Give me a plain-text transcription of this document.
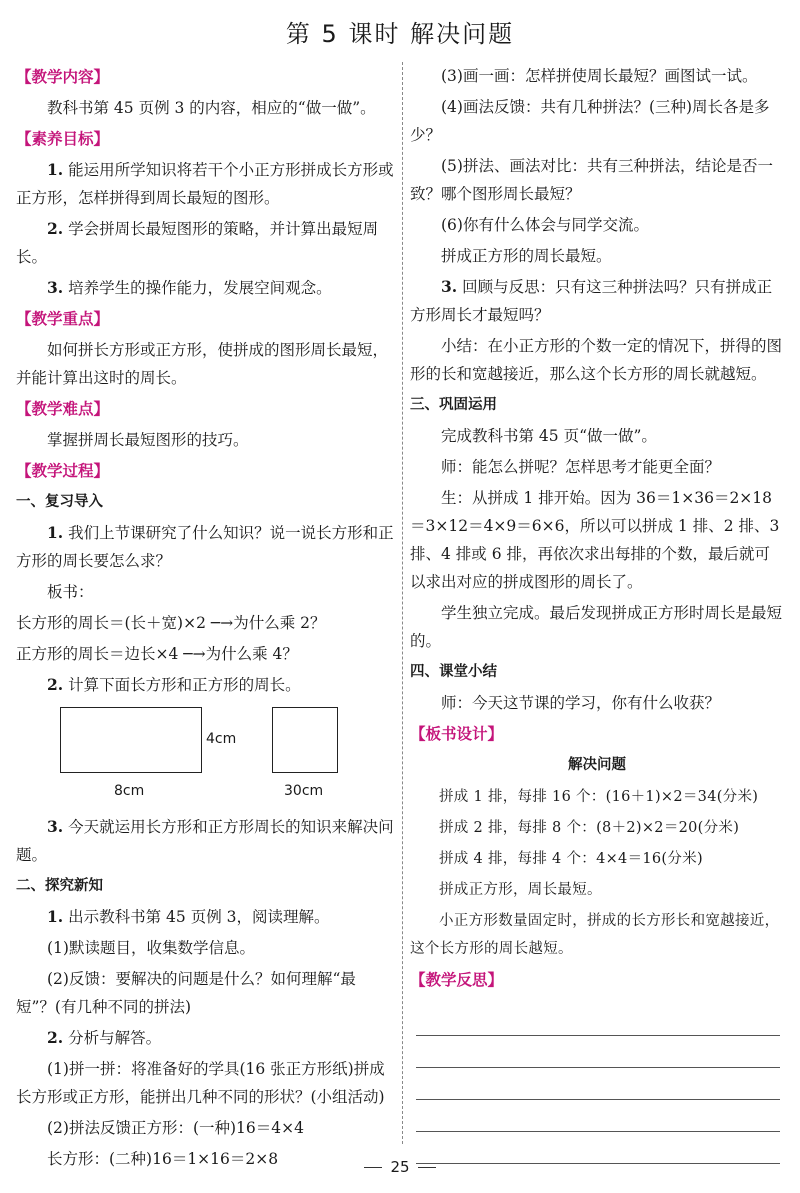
第 5 课时 解决问题
【教学内容】

教科书第 45 页例 3 的内容，相应的“做一做”。

【素养目标】

1. 能运用所学知识将若干个小正方形拼成长方形或正方形，怎样拼得到周长最短的图形。

2. 学会拼周长最短图形的策略，并计算出最短周长。

3. 培养学生的操作能力，发展空间观念。

【教学重点】

如何拼长方形或正方形，使拼成的图形周长最短，并能计算出这时的周长。

【教学难点】

掌握拼周长最短图形的技巧。

【教学过程】
一、复习导入

1. 我们上节课研究了什么知识？说一说长方形和正方形的周长要怎么求？

板书：

长方形的周长＝(长＋宽)×2 ─→为什么乘 2？

正方形的周长＝边长×4 ─→为什么乘 4？

2. 计算下面长方形和正方形的周长。

4cm
8cm	30cm

3. 今天就运用长方形和正方形周长的知识来解决问题。

二、探究新知

1. 出示教科书第 45 页例 3，阅读理解。

(1)默读题目，收集数学信息。

(2)反馈：要解决的问题是什么？如何理解“最短”？(有几种不同的拼法)

2. 分析与解答。

(1)拼一拼：将准备好的学具(16 张正方形纸)拼成长方形或正方形，能拼出几种不同的形状？(小组活动)

(2)拼法反馈正方形：(一种)16＝4×4

长方形：(二种)16＝1×16＝2×8

(3)画一画：怎样拼使周长最短？画图试一试。

(4)画法反馈：共有几种拼法？(三种)周长各是多少？

(5)拼法、画法对比：共有三种拼法，结论是否一致？哪个图形周长最短？

(6)你有什么体会与同学交流。

拼成正方形的周长最短。

3. 回顾与反思：只有这三种拼法吗？只有拼成正方形周长才最短吗？

小结：在小正方形的个数一定的情况下，拼得的图形的长和宽越接近，那么这个长方形的周长就越短。

三、巩固运用

完成教科书第 45 页“做一做”。

师：能怎么拼呢？怎样思考才能更全面？

生：从拼成 1 排开始。因为 36＝1×36＝2×18＝3×12＝4×9＝6×6，所以可以拼成 1 排、2 排、3 排、4 排或 6 排，再依次求出每排的个数，最后就可以求出对应的拼成图形的周长了。

学生独立完成。最后发现拼成正方形时周长是最短的。

四、课堂小结

师：今天这节课的学习，你有什么收获？

【板书设计】
解决问题

拼成 1 排，每排 16 个：(16＋1)×2＝34(分米)

拼成 2 排，每排 8 个：(8＋2)×2＝20(分米)

拼成 4 排，每排 4 个：4×4＝16(分米)

拼成正方形，周长最短。

小正方形数量固定时，拼成的长方形长和宽越接近，这个长方形的周长越短。

【教学反思】
25
